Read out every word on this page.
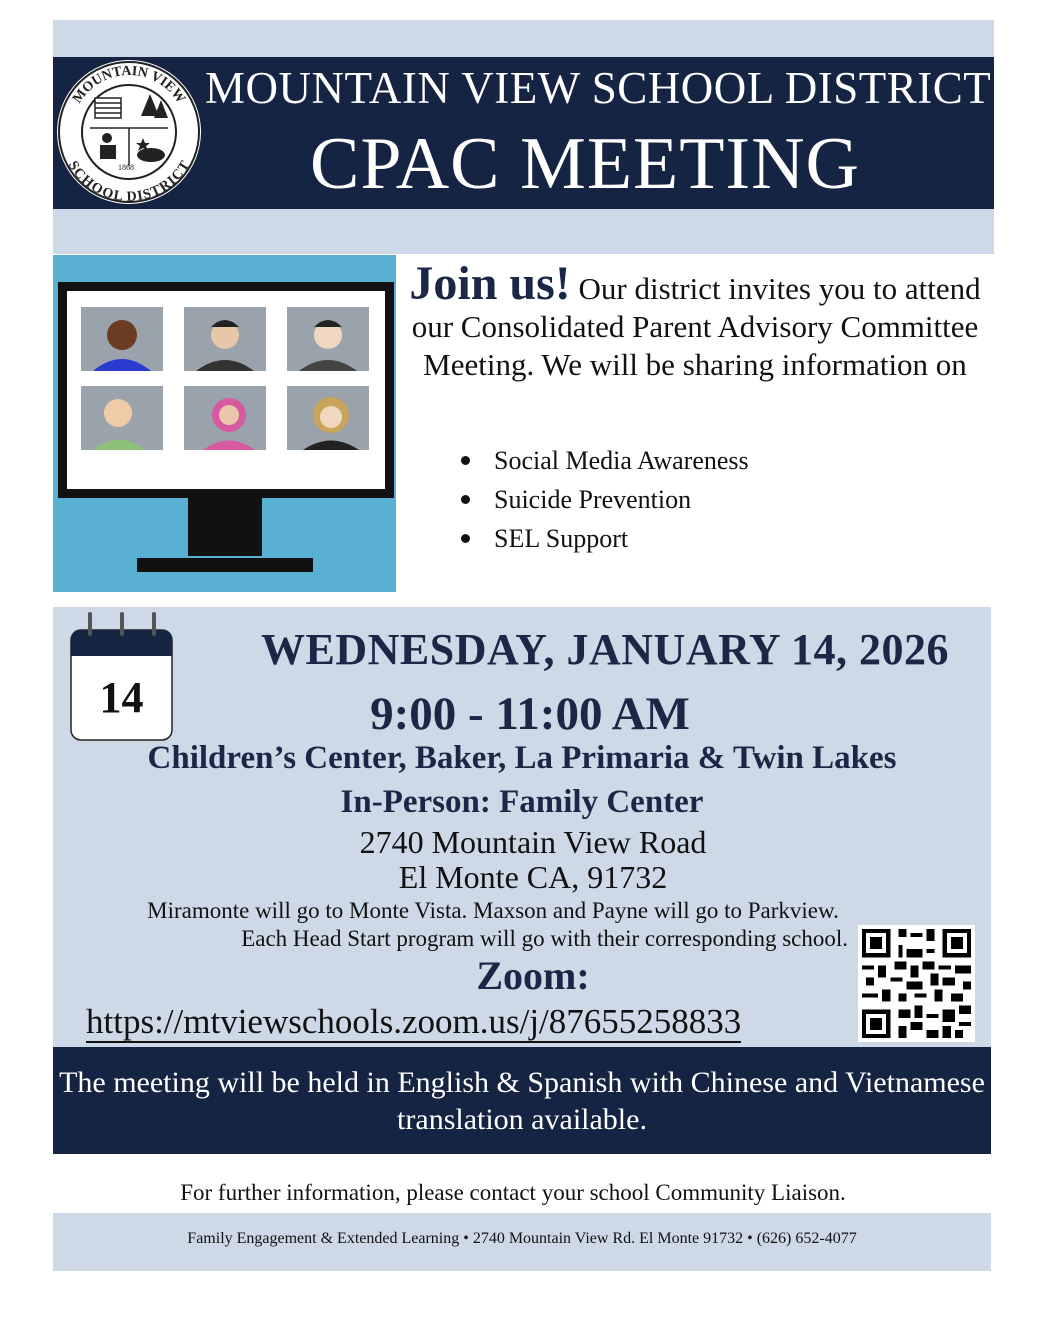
MOUNTAIN VIEW
SCHOOL DISTRICT
1868
MOUNTAIN VIEW SCHOOL DISTRICT
CPAC MEETING
Join us! Our district invites you to attend our Consolidated Parent Advisory Committee Meeting. We will be sharing information on
Social Media Awareness
Suicide Prevention
SEL Support
14
WEDNESDAY, JANUARY 14, 2026
9:00 - 11:00 AM
Children’s Center, Baker, La Primaria & Twin Lakes
In-Person: Family Center
2740 Mountain View Road
El Monte CA, 91732
Miramonte will go to Monte Vista. Maxson and Payne will go to Parkview.
Each Head Start program will go with their corresponding school.
Zoom:
https://mtviewschools.zoom.us/j/87655258833
The meeting will be held in English & Spanish with Chinese and Vietnamese translation available.
For further information, please contact your school Community Liaison.
Family Engagement & Extended Learning • 2740 Mountain View Rd. El Monte 91732 • (626) 652-4077
